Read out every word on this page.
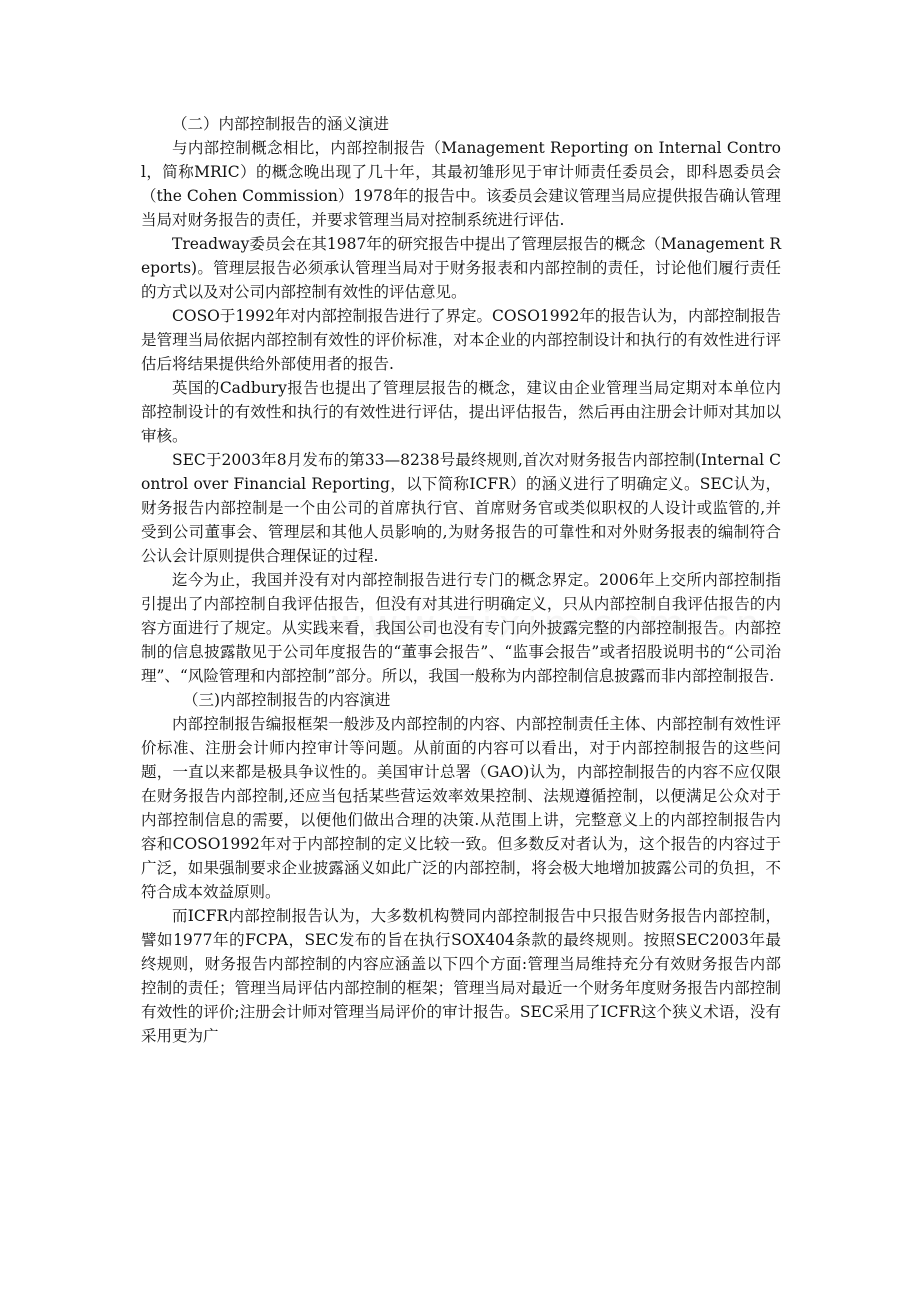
（二）内部控制报告的涵义演进

与内部控制概念相比，内部控制报告（Management Reporting on Internal Control，简称MRIC）的概念晚出现了几十年，其最初雏形见于审计师责任委员会，即科恩委员会（the Cohen Commission）1978年的报告中。该委员会建议管理当局应提供报告确认管理当局对财务报告的责任，并要求管理当局对控制系统进行评估.

Treadway委员会在其1987年的研究报告中提出了管理层报告的概念（Management Reports)。管理层报告必须承认管理当局对于财务报表和内部控制的责任，讨论他们履行责任的方式以及对公司内部控制有效性的评估意见。

COSO于1992年对内部控制报告进行了界定。COSO1992年的报告认为，内部控制报告是管理当局依据内部控制有效性的评价标准，对本企业的内部控制设计和执行的有效性进行评估后将结果提供给外部使用者的报告.

英国的Cadbury报告也提出了管理层报告的概念，建议由企业管理当局定期对本单位内部控制设计的有效性和执行的有效性进行评估，提出评估报告，然后再由注册会计师对其加以审核。

SEC于2003年8月发布的第33—8238号最终规则,首次对财务报告内部控制(Internal Control over Financial Reporting，以下简称ICFR）的涵义进行了明确定义。SEC认为，财务报告内部控制是一个由公司的首席执行官、首席财务官或类似职权的人设计或监管的,并受到公司董事会、管理层和其他人员影响的,为财务报告的可靠性和对外财务报表的编制符合公认会计原则提供合理保证的过程.

迄今为止，我国并没有对内部控制报告进行专门的概念界定。2006年上交所内部控制指引提出了内部控制自我评估报告，但没有对其进行明确定义，只从内部控制自我评估报告的内容方面进行了规定。从实践来看，我国公司也没有专门向外披露完整的内部控制报告。内部控制的信息披露散见于公司年度报告的“董事会报告”、“监事会报告”或者招股说明书的“公司治理”、“风险管理和内部控制”部分。所以，我国一般称为内部控制信息披露而非内部控制报告.

（三)内部控制报告的内容演进

内部控制报告编报框架一般涉及内部控制的内容、内部控制责任主体、内部控制有效性评价标准、注册会计师内控审计等问题。从前面的内容可以看出，对于内部控制报告的这些问题，一直以来都是极具争议性的。美国审计总署（GAO)认为，内部控制报告的内容不应仅限在财务报告内部控制,还应当包括某些营运效率效果控制、法规遵循控制，以便满足公众对于内部控制信息的需要，以便他们做出合理的决策.从范围上讲，完整意义上的内部控制报告内容和COSO1992年对于内部控制的定义比较一致。但多数反对者认为，这个报告的内容过于广泛，如果强制要求企业披露涵义如此广泛的内部控制，将会极大地增加披露公司的负担，不符合成本效益原则。

而ICFR内部控制报告认为，大多数机构赞同内部控制报告中只报告财务报告内部控制，譬如1977年的FCPA，SEC发布的旨在执行SOX404条款的最终规则。按照SEC2003年最终规则，财务报告内部控制的内容应涵盖以下四个方面:管理当局维持充分有效财务报告内部控制的责任；管理当局评估内部控制的框架；管理当局对最近一个财务年度财务报告内部控制有效性的评价;注册会计师对管理当局评价的审计报告。SEC采用了ICFR这个狭义术语，没有采用更为广
